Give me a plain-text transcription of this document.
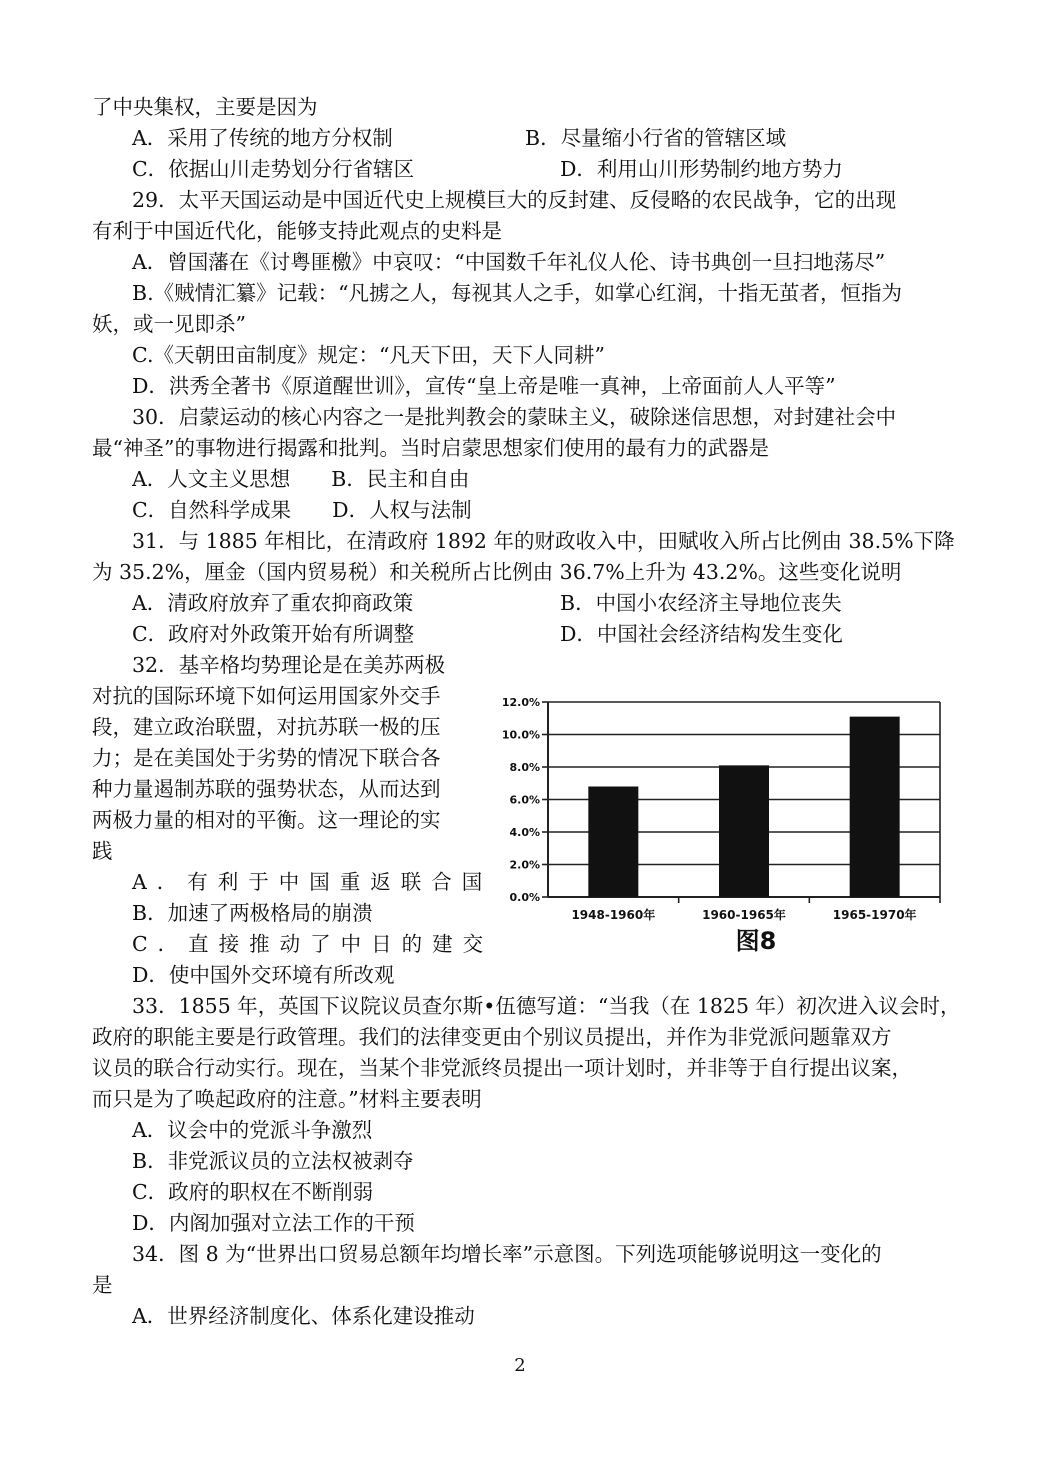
了中央集权，主要是因为
A．采用了传统的地方分权制	B．尽量缩小行省的管辖区域
C．依据山川走势划分行省辖区	D．利用山川形势制约地方势力
29．太平天国运动是中国近代史上规模巨大的反封建、反侵略的农民战争，它的出现
有利于中国近代化，能够支持此观点的史料是
A．曾国藩在《讨粤匪檄》中哀叹：“中国数千年礼仪人伦、诗书典创一旦扫地荡尽”
B.《贼情汇纂》记载：“凡掳之人，每视其人之手，如掌心红润，十指无茧者，恒指为
妖，或一见即杀”
C.《天朝田亩制度》规定：“凡天下田，天下人同耕”
D．洪秀全著书《原道醒世训》，宣传“皇上帝是唯一真神，上帝面前人人平等”
30．启蒙运动的核心内容之一是批判教会的蒙昧主义，破除迷信思想，对封建社会中
最“神圣”的事物进行揭露和批判。当时启蒙思想家们使用的最有力的武器是
A．人文主义思想　　B．民主和自由
C．自然科学成果　　D．人权与法制
31．与 1885 年相比，在清政府 1892 年的财政收入中，田赋收入所占比例由 38.5%下降
为 35.2%，厘金（国内贸易税）和关税所占比例由 36.7%上升为 43.2%。这些变化说明
A．清政府放弃了重农抑商政策	B．中国小农经济主导地位丧失
C．政府对外政策开始有所调整	D．中国社会经济结构发生变化
32．基辛格均势理论是在美苏两极
对抗的国际环境下如何运用国家外交手
段，建立政治联盟，对抗苏联一极的压
力；是在美国处于劣势的情况下联合各
种力量遏制苏联的强势状态，从而达到
两极力量的相对的平衡。这一理论的实
践
A．有利于中国重返联合国
B．加速了两极格局的崩溃
C．直接推动了中日的建交
D．使中国外交环境有所改观
0.0%
2.0%
4.0%
6.0%
8.0%
10.0%
12.0%
1948-1960年	1960-1965年	1965-1970年
图8
33．1855 年，英国下议院议员查尔斯•伍德写道：“当我（在 1825 年）初次进入议会时，
政府的职能主要是行政管理。我们的法律变更由个别议员提出，并作为非党派问题靠双方
议员的联合行动实行。现在，当某个非党派终员提出一项计划时，并非等于自行提出议案，
而只是为了唤起政府的注意。”材料主要表明
A．议会中的党派斗争激烈
B．非党派议员的立法权被剥夺
C．政府的职权在不断削弱
D．内阁加强对立法工作的干预
34．图 8 为“世界出口贸易总额年均增长率”示意图。下列选项能够说明这一变化的
是
A．世界经济制度化、体系化建设推动
2
